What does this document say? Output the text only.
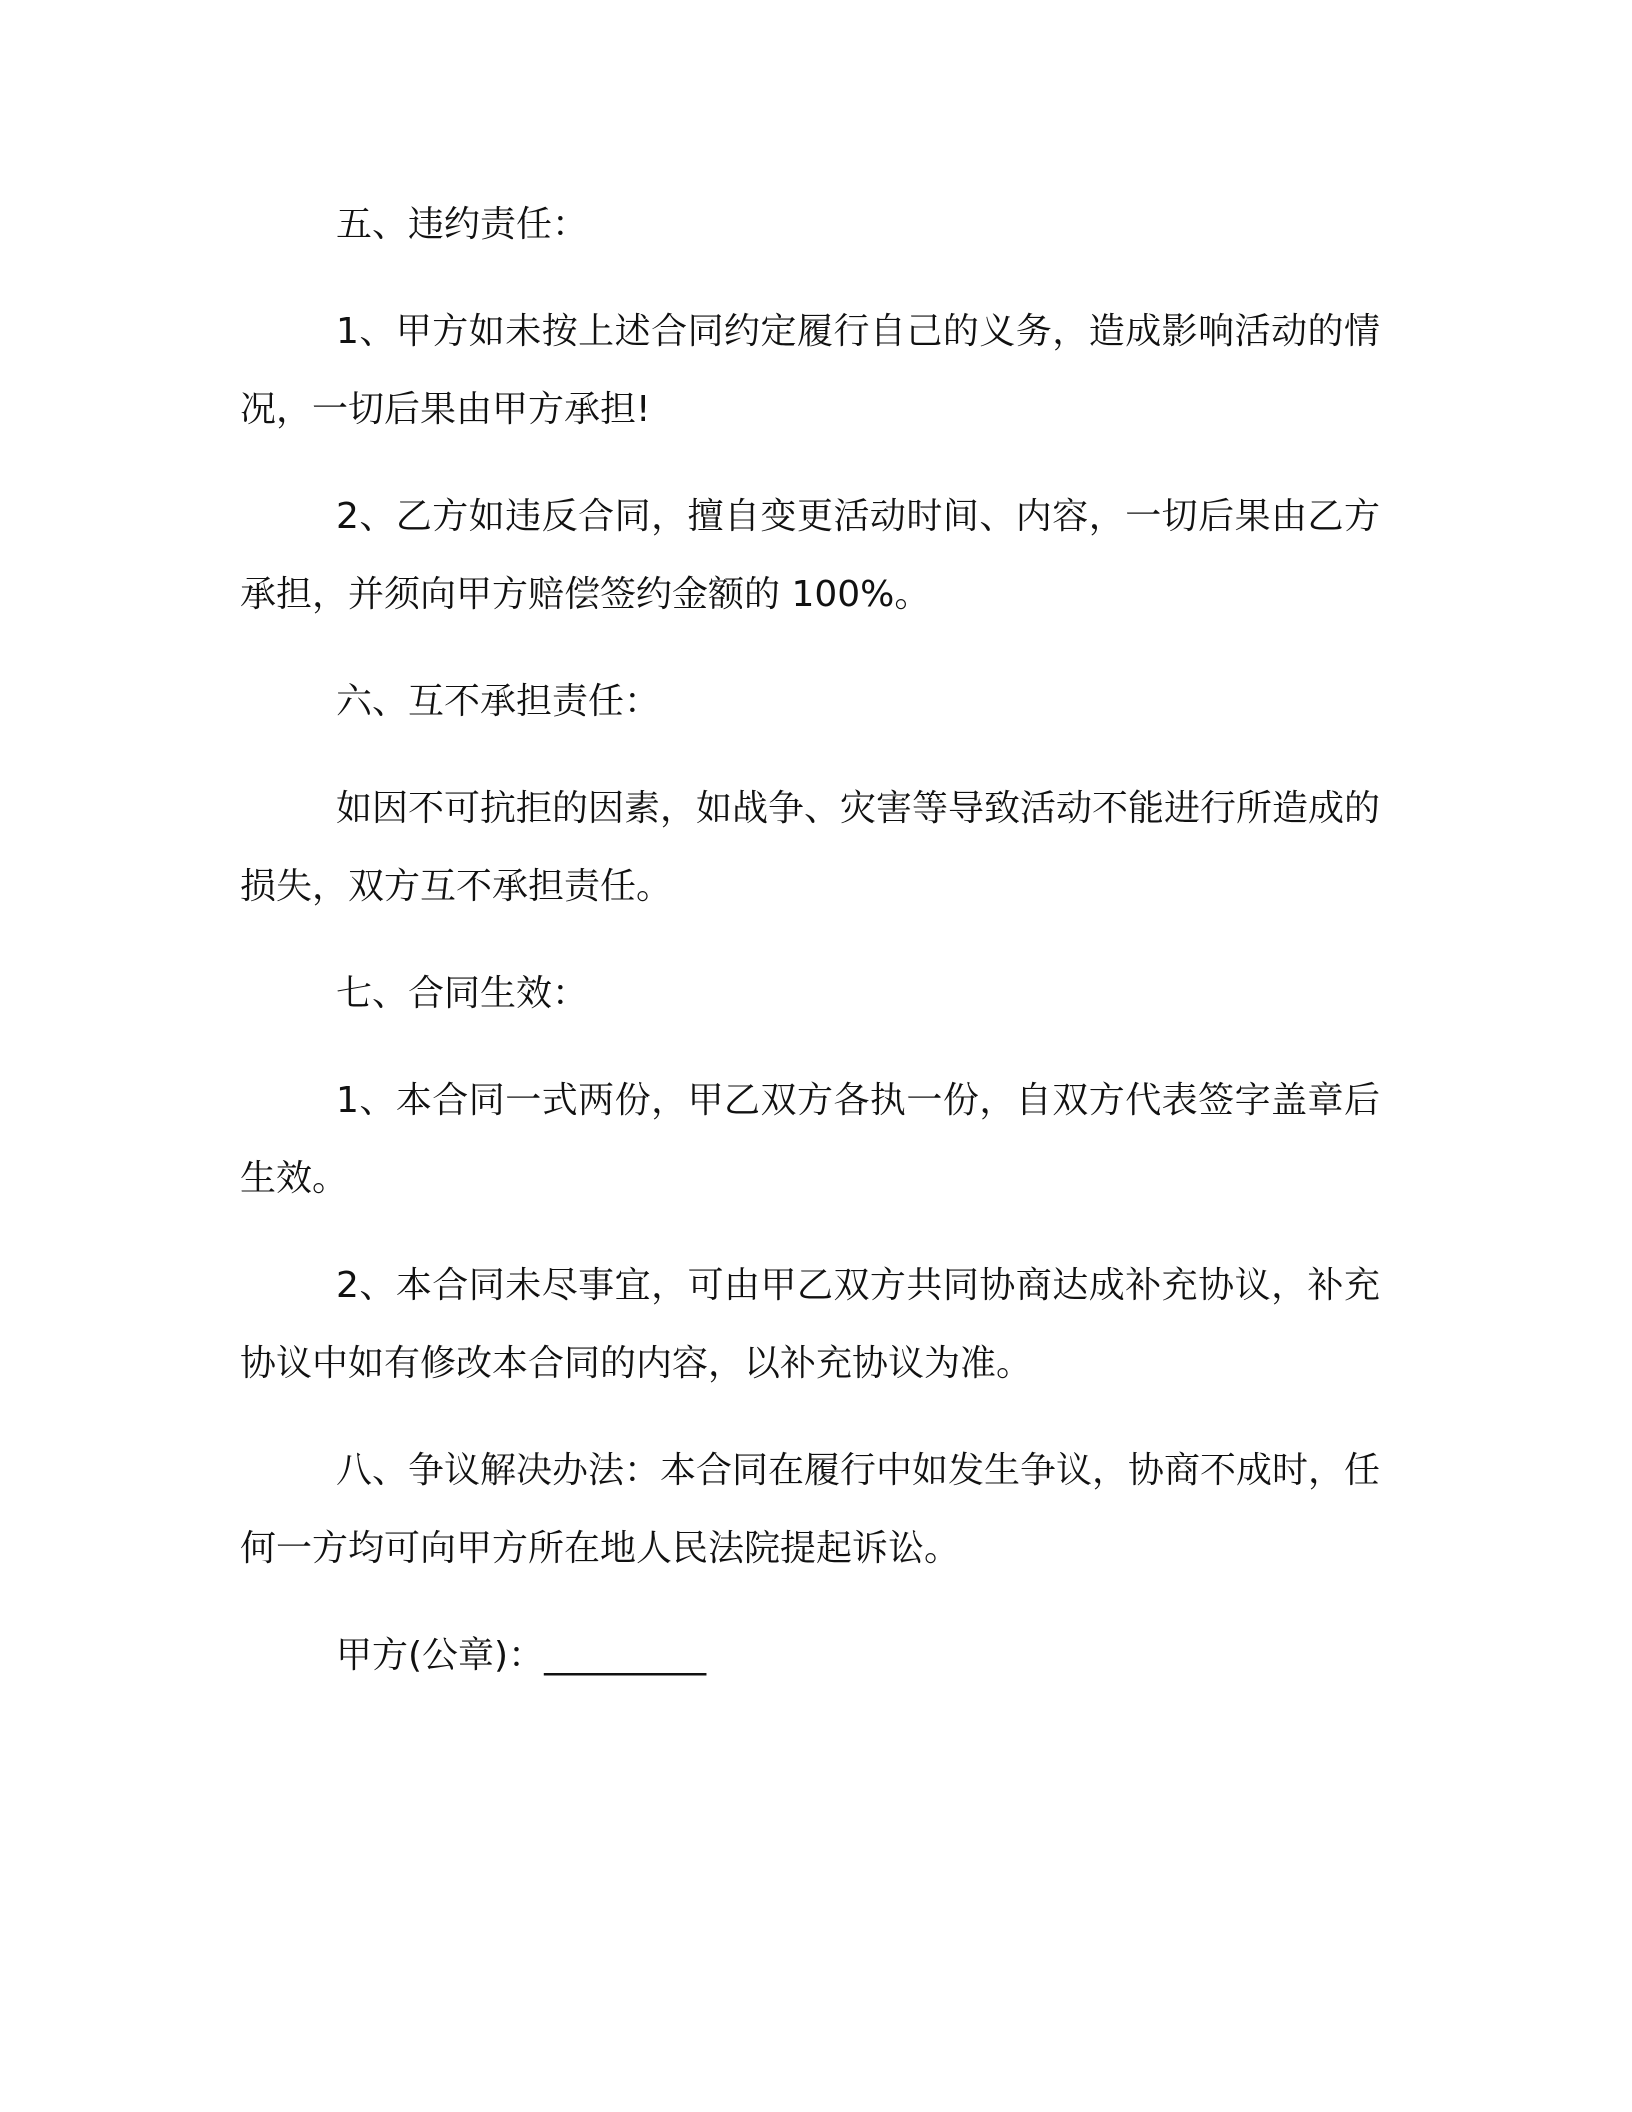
五、违约责任：

1、甲方如未按上述合同约定履行自己的义务，造成影响活动的情况，一切后果由甲方承担!

2、乙方如违反合同，擅自变更活动时间、内容，一切后果由乙方承担，并须向甲方赔偿签约金额的 100%。

六、互不承担责任：

如因不可抗拒的因素，如战争、灾害等导致活动不能进行所造成的损失，双方互不承担责任。

七、合同生效：

1、本合同一式两份，甲乙双方各执一份，自双方代表签字盖章后生效。

2、本合同未尽事宜，可由甲乙双方共同协商达成补充协议，补充协议中如有修改本合同的内容，以补充协议为准。

八、争议解决办法：本合同在履行中如发生争议，协商不成时，任何一方均可向甲方所在地人民法院提起诉讼。

甲方(公章)：_________
